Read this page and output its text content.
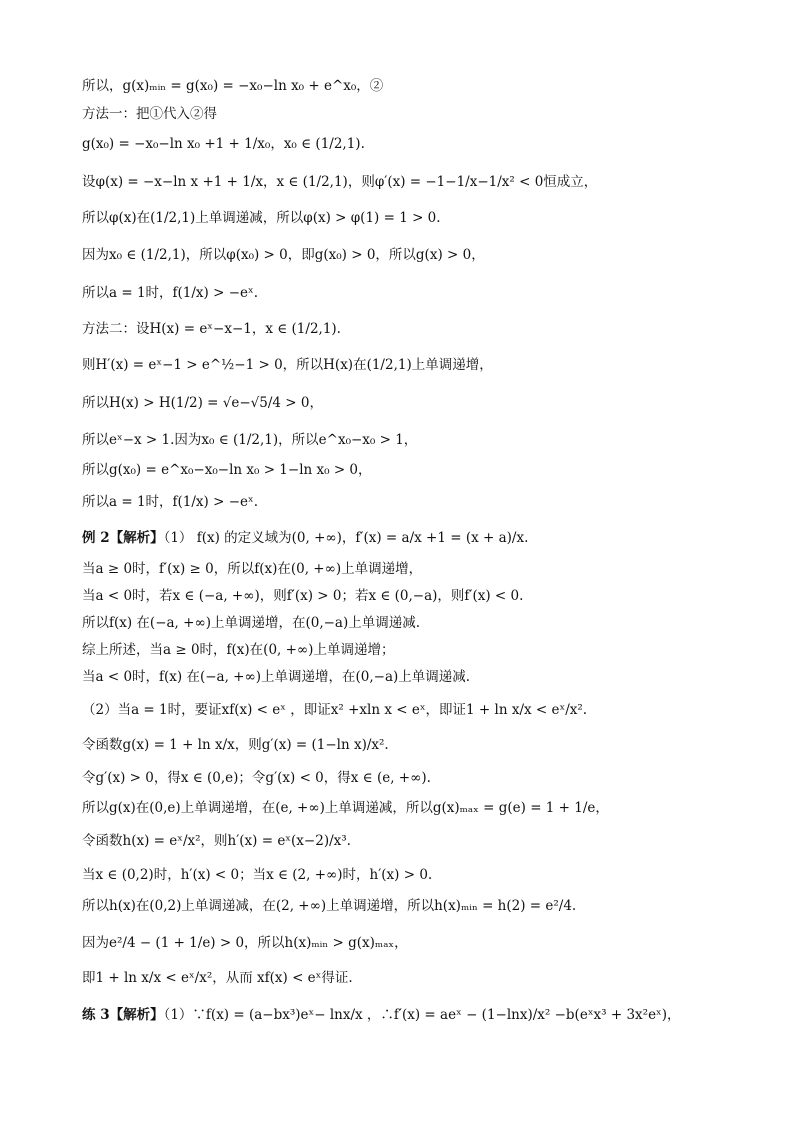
所以，g(x)ₘᵢₙ = g(x₀) = −x₀−ln x₀ + e^x₀，②
方法一：把①代入②得
g(x₀) = −x₀−ln x₀ +1 + 1/x₀，x₀ ∈ (1/2,1).
设φ(x) = −x−ln x +1 + 1/x，x ∈ (1/2,1)，则φ′(x) = −1−1/x−1/x² < 0恒成立，
所以φ(x)在(1/2,1)上单调递减，所以φ(x) > φ(1) = 1 > 0.
因为x₀ ∈ (1/2,1)，所以φ(x₀) > 0，即g(x₀) > 0，所以g(x) > 0，
所以a = 1时，f(1/x) > −eˣ.
方法二：设H(x) = eˣ−x−1，x ∈ (1/2,1).
则H′(x) = eˣ−1 > e^½−1 > 0，所以H(x)在(1/2,1)上单调递增，
所以H(x) > H(1/2) = √e−√5/4 > 0，
所以eˣ−x > 1.因为x₀ ∈ (1/2,1)，所以e^x₀−x₀ > 1，
所以g(x₀) = e^x₀−x₀−ln x₀ > 1−ln x₀ > 0，
所以a = 1时，f(1/x) > −eˣ.
例 2【解析】（1） f(x) 的定义域为(0, +∞)，f′(x) = a/x +1 = (x + a)/x.
当a ≥ 0时，f′(x) ≥ 0，所以f(x)在(0, +∞)上单调递增，
当a < 0时，若x ∈ (−a, +∞)，则f′(x) > 0；若x ∈ (0,−a)，则f′(x) < 0.
所以f(x) 在(−a, +∞)上单调递增，在(0,−a)上单调递减.
综上所述，当a ≥ 0时，f(x)在(0, +∞)上单调递增；
当a < 0时，f(x) 在(−a, +∞)上单调递增，在(0,−a)上单调递减.
（2）当a = 1时，要证xf(x) < eˣ ，即证x² +xln x < eˣ，即证1 + ln x/x < eˣ/x².
令函数g(x) = 1 + ln x/x，则g′(x) = (1−ln x)/x².
令g′(x) > 0，得x ∈ (0,e)；令g′(x) < 0，得x ∈ (e, +∞).
所以g(x)在(0,e)上单调递增，在(e, +∞)上单调递减，所以g(x)ₘₐₓ = g(e) = 1 + 1/e，
令函数h(x) = eˣ/x²，则h′(x) = eˣ(x−2)/x³.
当x ∈ (0,2)时，h′(x) < 0；当x ∈ (2, +∞)时，h′(x) > 0.
所以h(x)在(0,2)上单调递减，在(2, +∞)上单调递增，所以h(x)ₘᵢₙ = h(2) = e²/4.
因为e²/4 − (1 + 1/e) > 0，所以h(x)ₘᵢₙ > g(x)ₘₐₓ，
即1 + ln x/x < eˣ/x²，从而 xf(x) < eˣ得证.
练 3【解析】（1）∵f(x) = (a−bx³)eˣ− lnx/x ，∴f′(x) = aeˣ − (1−lnx)/x² −b(eˣx³ + 3x²eˣ)，
